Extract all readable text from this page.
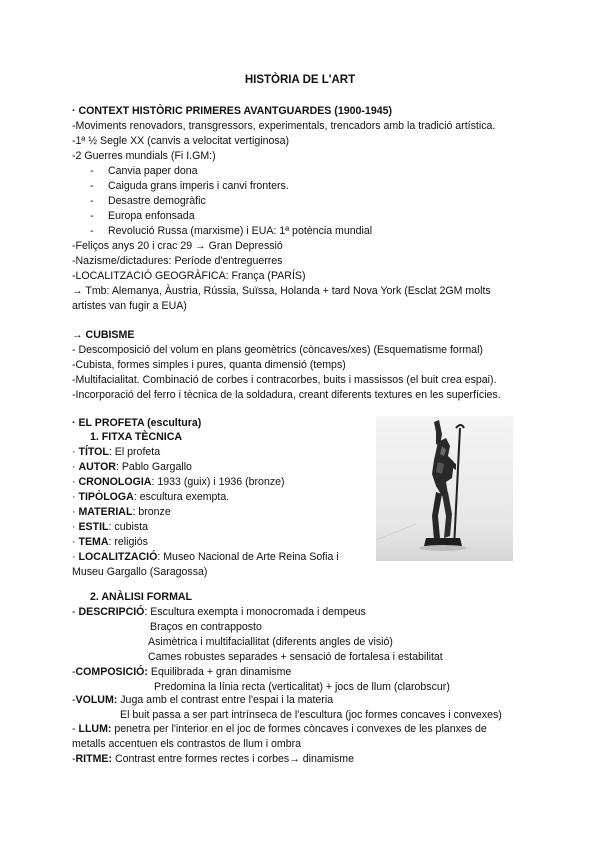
HISTÒRIA DE L'ART
· CONTEXT HISTÒRIC PRIMERES AVANTGUARDES (1900-1945)
-Moviments renovadors, transgressors, experimentals, trencadors amb la tradició artística.
-1ª ½ Segle XX (canvis a velocitat vertiginosa)
-2 Guerres mundials (Fi I.GM:)
- Canvia paper dona
- Caiguda grans imperis i canvi fronters.
- Desastre demogràfic
- Europa enfonsada
- Revolució Russa (marxisme) i EUA: 1ª potència mundial
-Feliços anys 20 i crac 29 → Gran Depressió
-Nazisme/dictadures: Període d'entreguerres
-LOCALITZACIÓ GEOGRÀFICA: França (PARÍS)
→ Tmb: Alemanya, Àustria, Rússia, Suïssa, Holanda + tard Nova York (Esclat 2GM molts
artistes van fugir a EUA)
→ CUBISME
- Descomposició del volum en plans geomètrics (còncaves/xes) (Esquematisme formal)
-Cubista, formes simples i pures, quanta dimensió (temps)
-Multifacialitat. Combinació de corbes i contracorbes, buits i massissos (el buit crea espai).
-Incorporació del ferro i tècnica de la soldadura, creant diferents textures en les superfícies.
· EL PROFETA (escultura)
1. FITXA TÈCNICA
· TÍTOL: El profeta
· AUTOR: Pablo Gargallo
· CRONOLOGIA: 1933 (guix) i 1936 (bronze)
· TIPÒLOGA: escultura exempta.
· MATERIAL: bronze
· ESTIL: cubista
· TEMA: religiós
· LOCALITZACIÓ: Museo Nacional de Arte Reina Sofia i
Museu Gargallo (Saragossa)
2. ANÀLISI FORMAL
- DESCRIPCIÓ: Escultura exempta i monocromada i dempeus
Braços en contrapposto
Asimètrica i multifaciallitat (diferents angles de visió)
Cames robustes separades + sensació de fortalesa i estabilitat
-COMPOSICIÓ: Equilibrada + gran dinamisme
Predomina la línia recta (verticalitat) + jocs de llum (clarobscur)
-VOLUM: Juga amb el contrast entre l'espai i la materia
El buit passa a ser part intrínseca de l'escultura (joc formes concaves i convexes)
- LLUM: penetra per l'interior en el joc de formes còncaves i convexes de les planxes de
metalls accentuen els contrastos de llum i ombra
-RITME: Contrast entre formes rectes i corbes→ dinamisme
